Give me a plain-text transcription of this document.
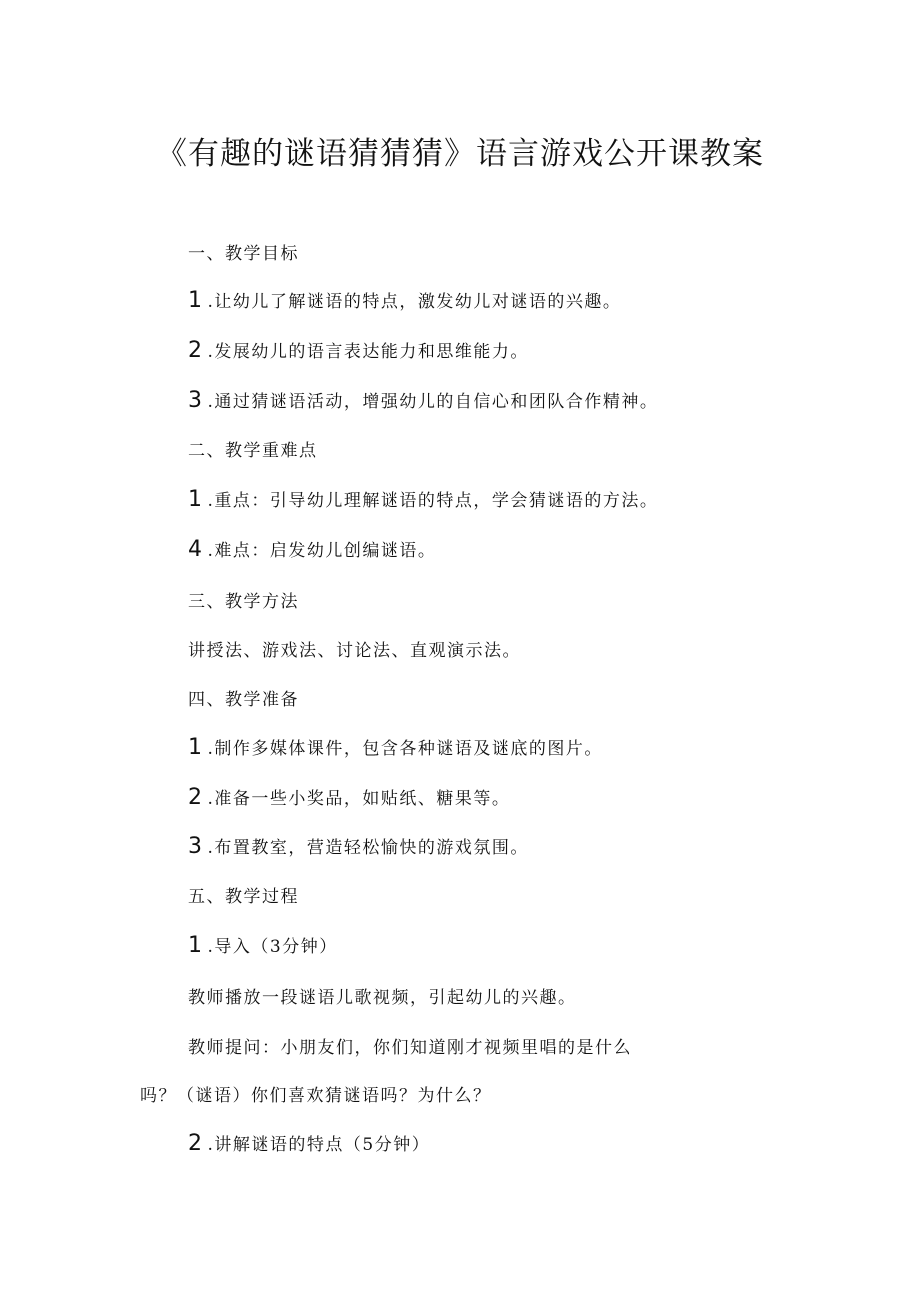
《有趣的谜语猜猜猜》语言游戏公开课教案
一、教学目标
1 .让幼儿了解谜语的特点，激发幼儿对谜语的兴趣。
2 .发展幼儿的语言表达能力和思维能力。
3 .通过猜谜语活动，增强幼儿的自信心和团队合作精神。
二、教学重难点
1 .重点：引导幼儿理解谜语的特点，学会猜谜语的方法。
4 .难点：启发幼儿创编谜语。
三、教学方法
讲授法、游戏法、讨论法、直观演示法。
四、教学准备
1 .制作多媒体课件，包含各种谜语及谜底的图片。
2 .准备一些小奖品，如贴纸、糖果等。
3 .布置教室，营造轻松愉快的游戏氛围。
五、教学过程
1 .导入（3分钟）
教师播放一段谜语儿歌视频，引起幼儿的兴趣。
教师提问：小朋友们，你们知道刚才视频里唱的是什么
吗？（谜语）你们喜欢猜谜语吗？为什么？
2 .讲解谜语的特点（5分钟）
